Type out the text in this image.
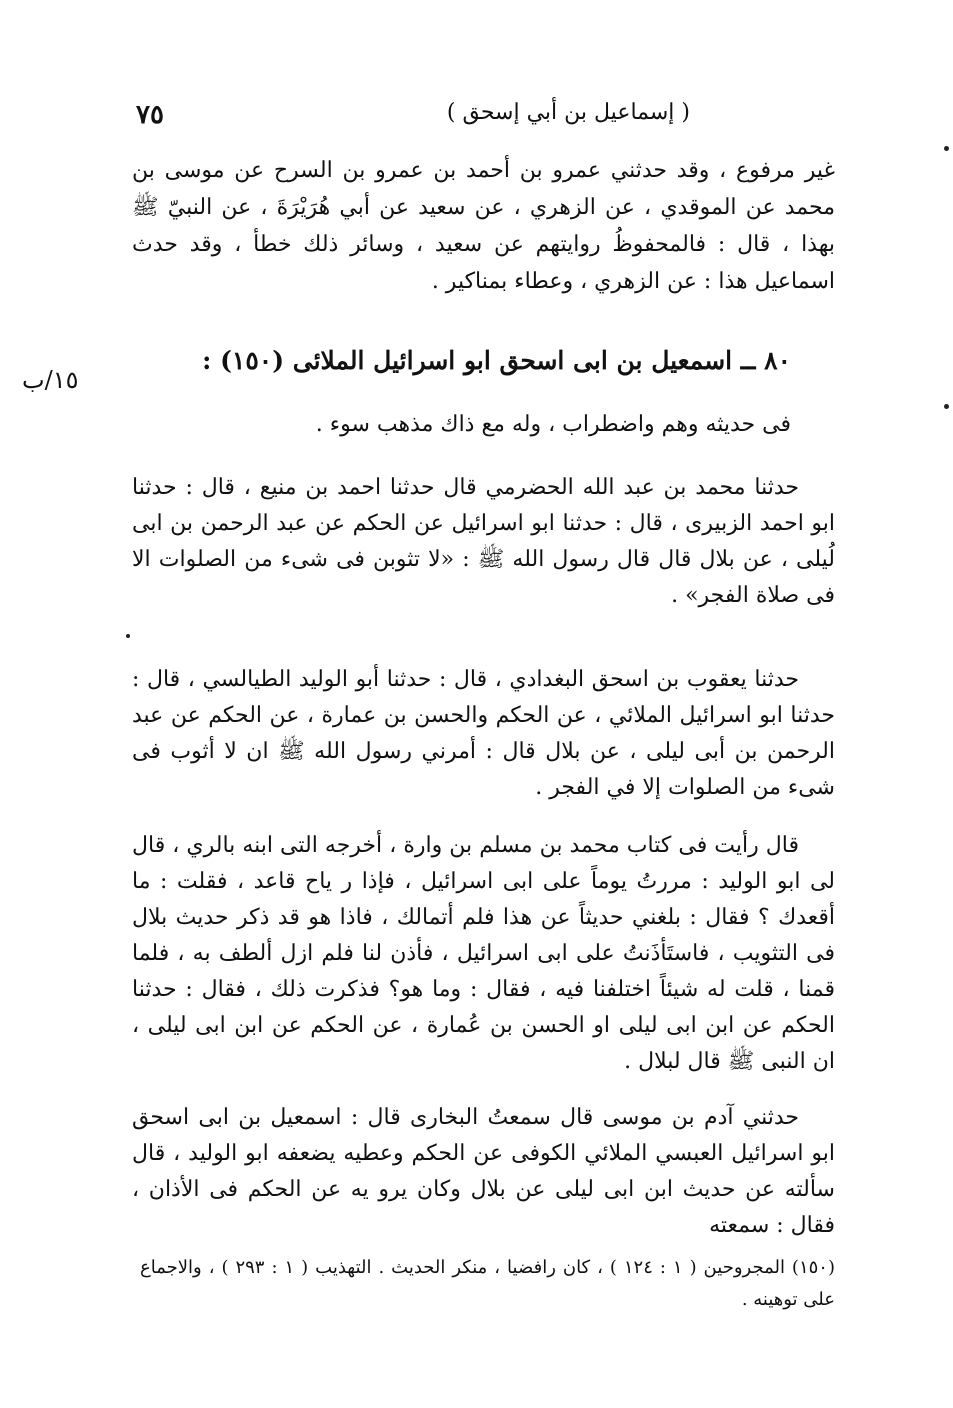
٧٥	( إسماعيل بن أبي إسحق )
١٥/ب

غير مرفوع ، وقد حدثني عمرو بن أحمد بن عمرو بن السرح عن موسى بن محمد عن الموقدي ، عن الزهري ، عن سعيد عن أبي هُرَيْرَةَ ، عن النبيّ ﷺ بهذا ، قال : فالمحفوظُ روايتهم عن سعيد ، وسائر ذلك خطأ ، وقد حدث اسماعيل هذا : عن الزهري ، وعطاء بمناكير .

٨٠ ــ اسمعيل بن ابى اسحق ابو اسرائيل الملائى (١٥٠) :
فى حديثه وهم واضطراب ، وله مع ذاك مذهب سوء .

حدثنا محمد بن عبد الله الحضرمي قال حدثنا احمد بن منيع ، قال : حدثنا ابو احمد الزبيرى ، قال : حدثنا ابو اسرائيل عن الحكم عن عبد الرحمن بن ابى لُيلى ، عن بلال قال قال رسول الله ﷺ : «لا تثوبن فى شىء من الصلوات الا فى صلاة الفجر» .

حدثنا يعقوب بن اسحق البغدادي ، قال : حدثنا أبو الوليد الطيالسي ، قال : حدثنا ابو اسرائيل الملائي ، عن الحكم والحسن بن عمارة ، عن الحكم عن عبد الرحمن بن أبى ليلى ، عن بلال قال : أمرني رسول الله ﷺ ان لا أثوب فى شىء من الصلوات إلا في الفجر .

قال رأيت فى كتاب محمد بن مسلم بن وارة ، أخرجه التى ابنه بالري ، قال لى ابو الوليد : مررتُ يوماً على ابى اسرائيل ، فإذا ر ياح قاعد ، فقلت : ما أقعدك ؟ فقال : بلغني حديثاً عن هذا فلم أتمالك ، فاذا هو قد ذكر حديث بلال فى التثويب ، فاستَأذَنتُ على ابى اسرائيل ، فأذن لنا فلم ازل ألطف به ، فلما قمنا ، قلت له شيئاً اختلفنا فيه ، فقال : وما هو؟ فذكرت ذلك ، فقال : حدثنا الحكم عن ابن ابى ليلى او الحسن بن عُمارة ، عن الحكم عن ابن ابى ليلى ، ان النبى ﷺ قال لبلال .

حدثني آدم بن موسى قال سمعتُ البخارى قال : اسمعيل بن ابى اسحق ابو اسرائيل العبسي الملائي الكوفى عن الحكم وعطيه يضعفه ابو الوليد ، قال سألته عن حديث ابن ابى ليلى عن بلال وكان يرو يه عن الحكم فى الأذان ، فقال : سمعته

(١٥٠) المجروحين ( ١ : ١٢٤ ) ، كان رافضيا ، منكر الحديث . التهذيب ( ١ : ٢٩٣ ) ، والاجماع على توهينه .
